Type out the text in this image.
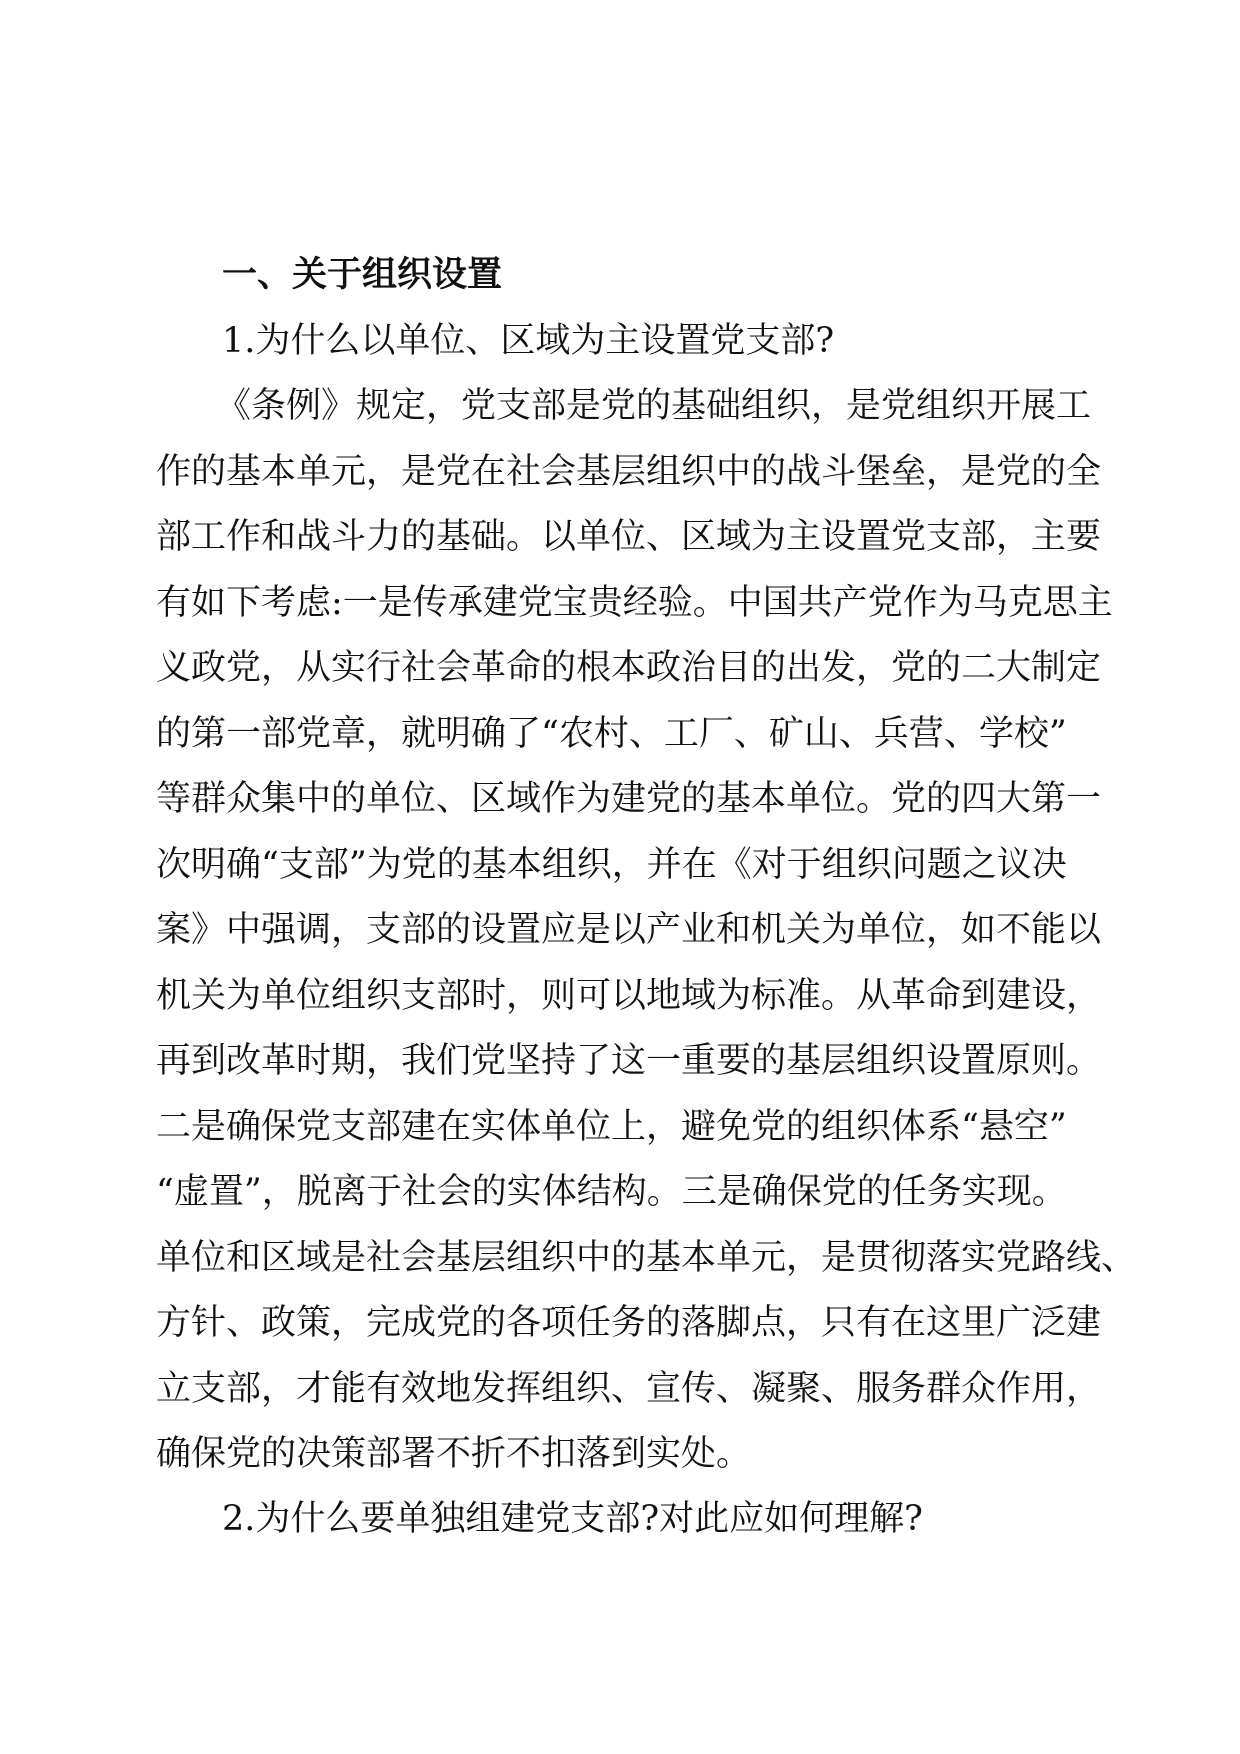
一、关于组织设置
1.为什么以单位、区域为主设置党支部?
《条例》规定，党支部是党的基础组织，是党组织开展工
作的基本单元，是党在社会基层组织中的战斗堡垒，是党的全
部工作和战斗力的基础。以单位、区域为主设置党支部，主要
有如下考虑:一是传承建党宝贵经验。中国共产党作为马克思主
义政党，从实行社会革命的根本政治目的出发，党的二大制定
的第一部党章，就明确了“农村、工厂、矿山、兵营、学校”
等群众集中的单位、区域作为建党的基本单位。党的四大第一
次明确“支部”为党的基本组织，并在《对于组织问题之议决
案》中强调，支部的设置应是以产业和机关为单位，如不能以
机关为单位组织支部时，则可以地域为标准。从革命到建设，
再到改革时期，我们党坚持了这一重要的基层组织设置原则。
二是确保党支部建在实体单位上，避免党的组织体系“悬空”
“虚置”，脱离于社会的实体结构。三是确保党的任务实现。
单位和区域是社会基层组织中的基本单元，是贯彻落实党路线、
方针、政策，完成党的各项任务的落脚点，只有在这里广泛建
立支部，才能有效地发挥组织、宣传、凝聚、服务群众作用，
确保党的决策部署不折不扣落到实处。
2.为什么要单独组建党支部?对此应如何理解?
